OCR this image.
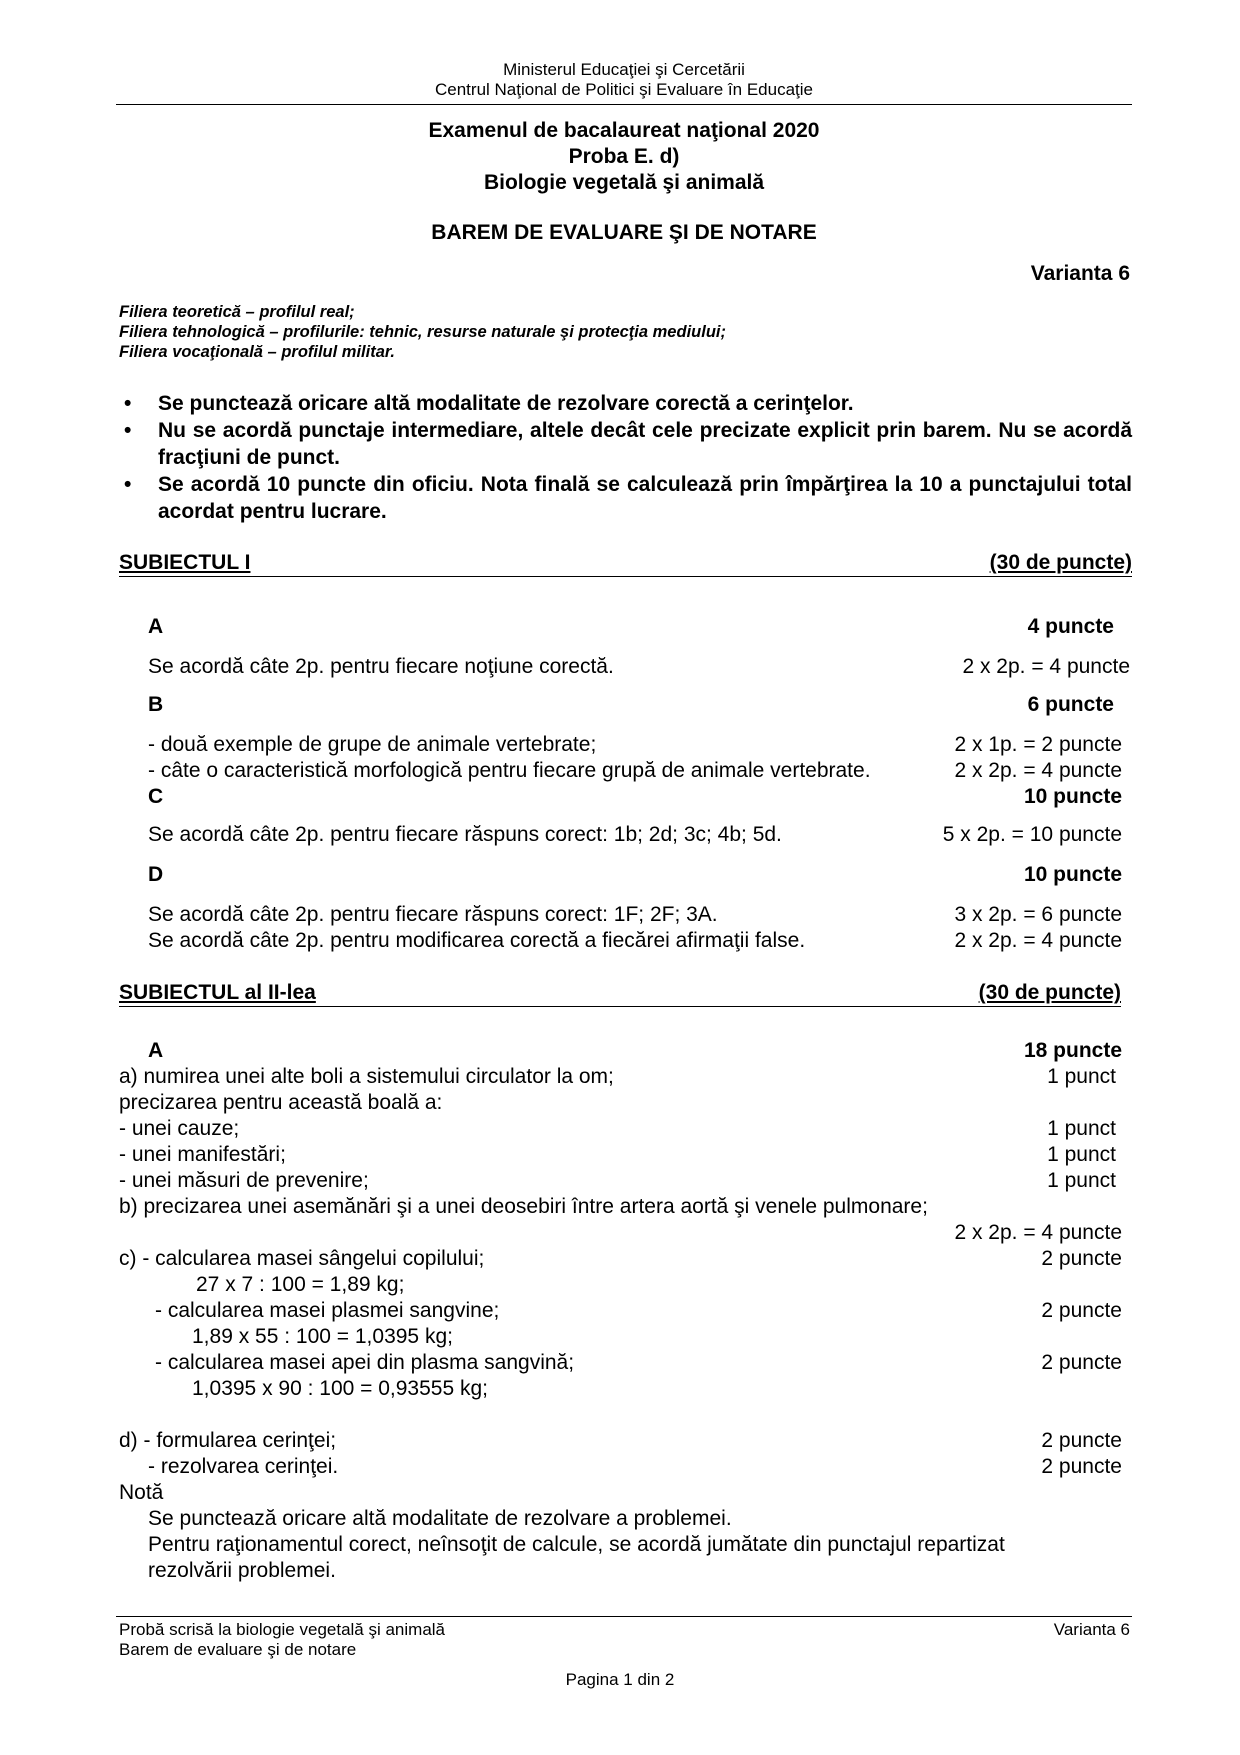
Ministerul Educaţiei şi Cercetării
Centrul Naţional de Politici şi Evaluare în Educaţie
Examenul de bacalaureat naţional 2020
Proba E. d)
Biologie vegetală şi animală
BAREM DE EVALUARE ŞI DE NOTARE
Varianta 6
Filiera teoretică – profilul real;
Filiera tehnologică – profilurile: tehnic, resurse naturale şi protecţia mediului;
Filiera vocaţională – profilul militar.
• Se punctează oricare altă modalitate de rezolvare corectă a cerinţelor.
• Nu se acordă punctaje intermediare, altele decât cele precizate explicit prin barem. Nu se acordă fracţiuni de punct.
• Se acordă 10 puncte din oficiu. Nota finală se calculează prin împărţirea la 10 a punctajului total acordat pentru lucrare.
SUBIECTUL I	(30 de puncte)
A	4 puncte
Se acordă câte 2p. pentru fiecare noţiune corectă.	2 x 2p. = 4 puncte
B	6 puncte
- două exemple de grupe de animale vertebrate;	2 x 1p. = 2 puncte
- câte o caracteristică morfologică pentru fiecare grupă de animale vertebrate.	2 x 2p. = 4 puncte
C	10 puncte
Se acordă câte 2p. pentru fiecare răspuns corect: 1b; 2d; 3c; 4b; 5d.	5 x 2p. = 10 puncte
D	10 puncte
Se acordă câte 2p. pentru fiecare răspuns corect: 1F; 2F; 3A.	3 x 2p. = 6 puncte
Se acordă câte 2p. pentru modificarea corectă a fiecărei afirmaţii false.	2 x 2p. = 4 puncte
SUBIECTUL al II-lea	(30 de puncte)
A	18 puncte
a) numirea unei alte boli a sistemului circulator la om;	1 punct
precizarea pentru această boală a:
- unei cauze;	1 punct
- unei manifestări;	1 punct
- unei măsuri de prevenire;	1 punct
b) precizarea unei asemănări şi a unei deosebiri între artera aortă şi venele pulmonare;
2 x 2p. = 4 puncte
c) - calcularea masei sângelui copilului;	2 puncte
27 x 7 : 100 = 1,89 kg;
- calcularea masei plasmei sangvine;	2 puncte
1,89 x 55 : 100 = 1,0395 kg;
- calcularea masei apei din plasma sangvină;	2 puncte
1,0395 x 90 : 100 = 0,93555 kg;
d) - formularea cerinţei;	2 puncte
- rezolvarea cerinţei.	2 puncte
Notă
Se punctează oricare altă modalitate de rezolvare a problemei.
Pentru raţionamentul corect, neînsoţit de calcule, se acordă jumătate din punctajul repartizat
rezolvării problemei.
Probă scrisă la biologie vegetală şi animală
Barem de evaluare şi de notare
Varianta 6
Pagina 1 din 2
